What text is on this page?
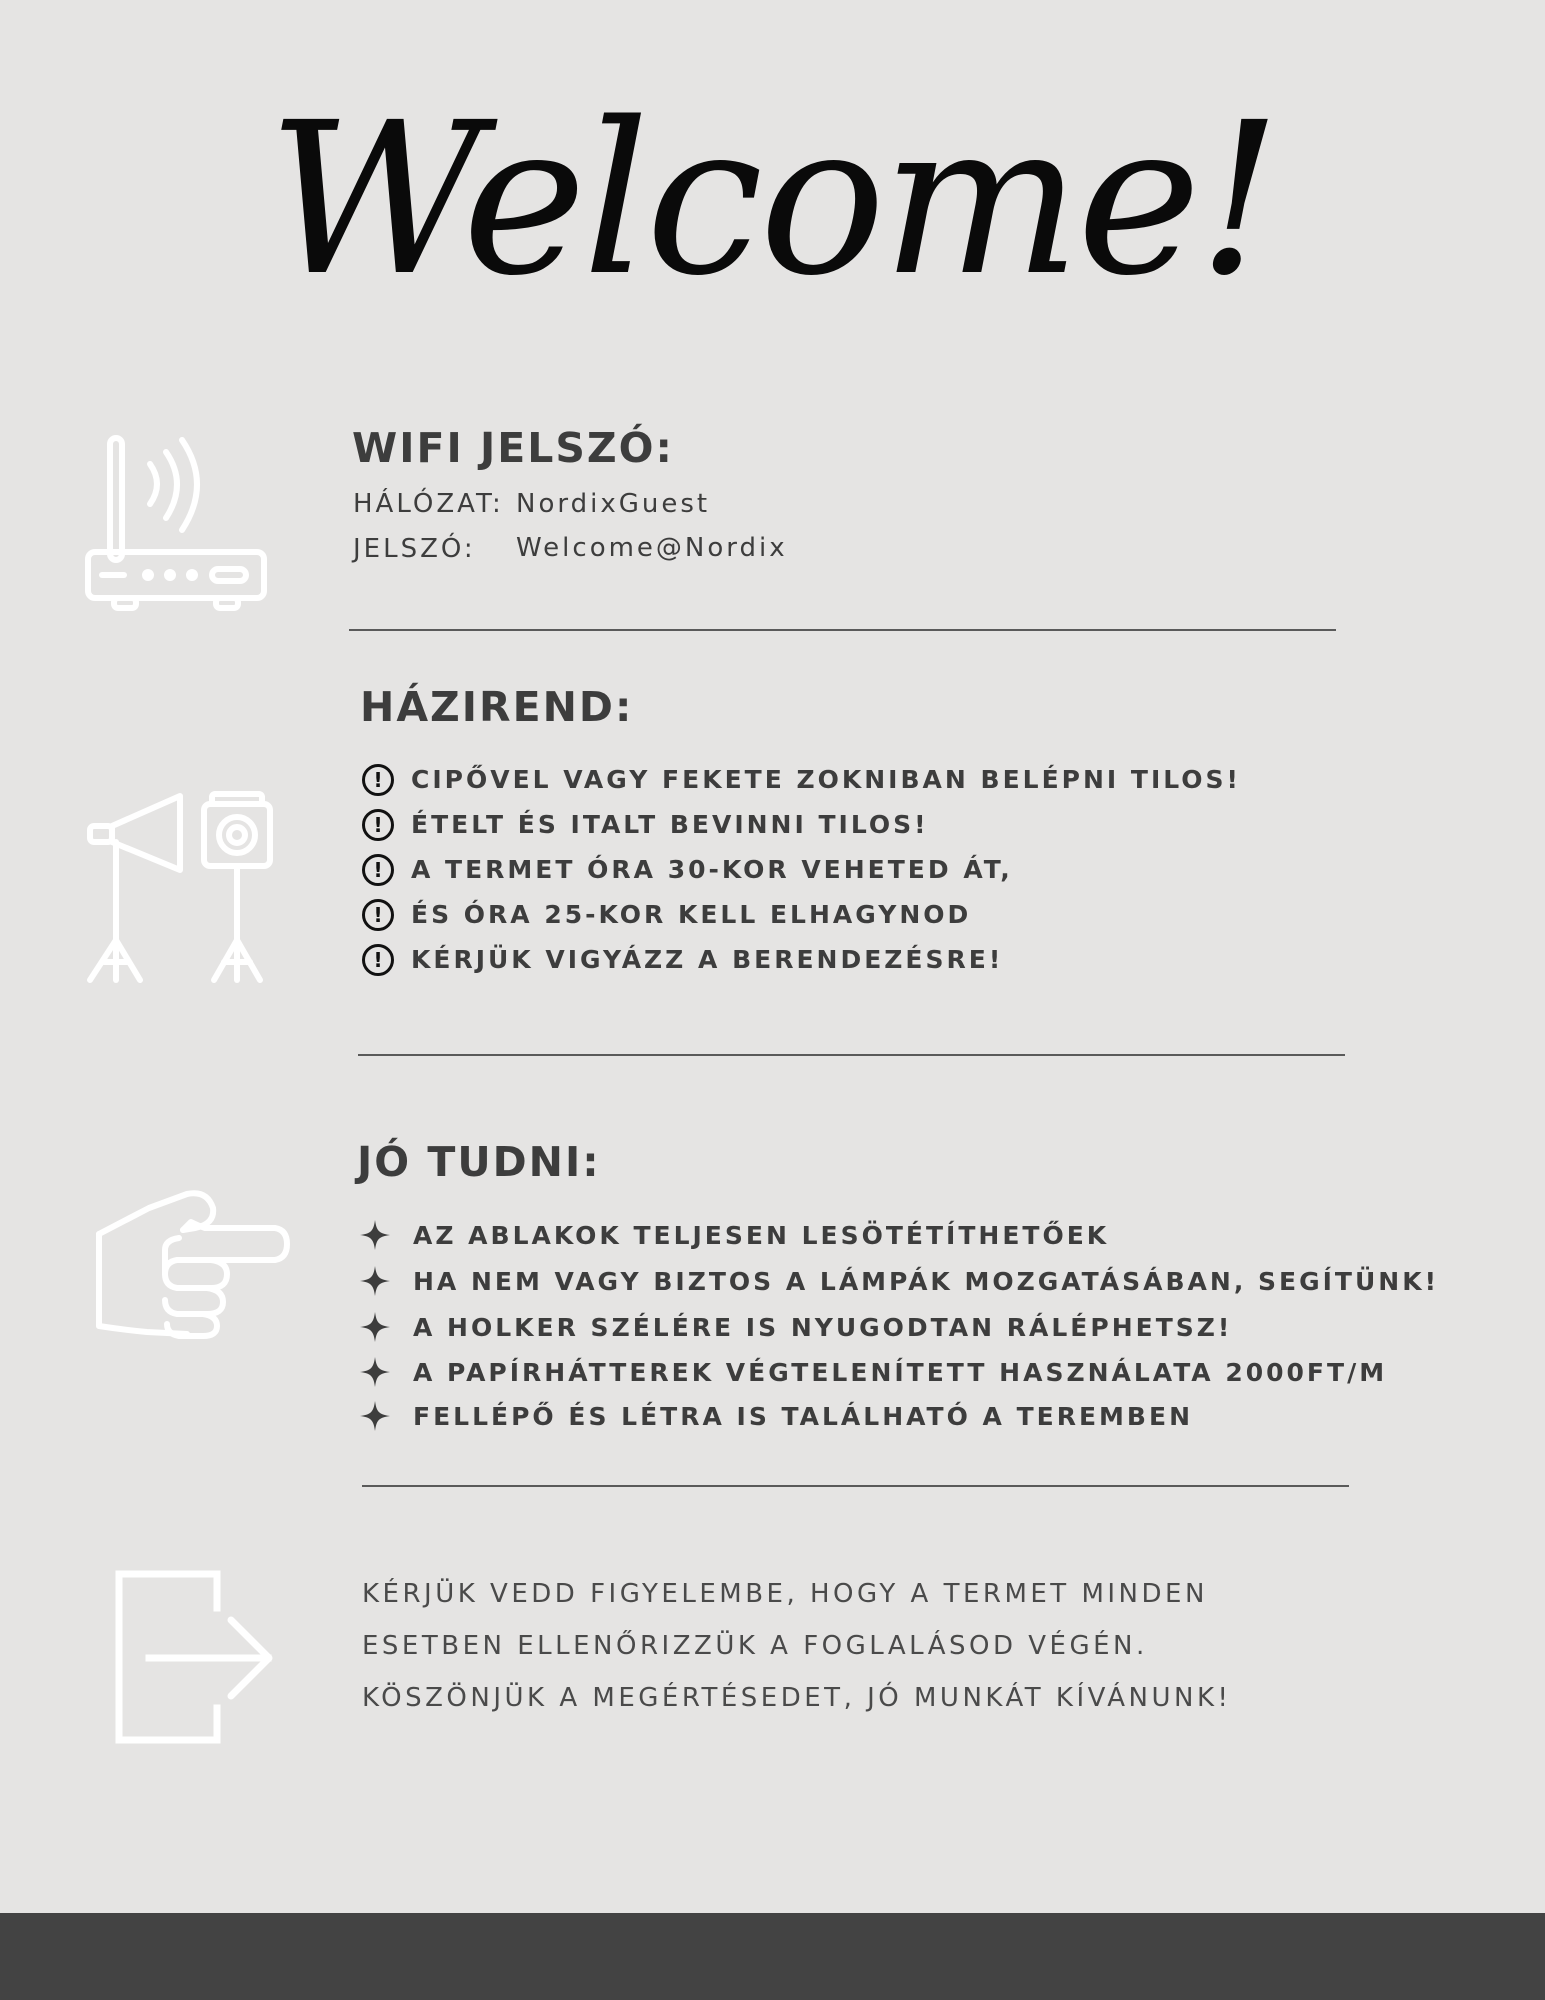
Welcome!
WIFI JELSZÓ:
HÁLÓZAT: NordixGuest
JELSZÓ: Welcome@Nordix
HÁZIREND:
!	CIPŐVEL VAGY FEKETE ZOKNIBAN BELÉPNI TILOS!
!	ÉTELT ÉS ITALT BEVINNI TILOS!
!	A TERMET ÓRA 30-KOR VEHETED ÁT,
!	ÉS ÓRA 25-KOR KELL ELHAGYNOD
!	KÉRJÜK VIGYÁZZ A BERENDEZÉSRE!
JÓ TUDNI:
AZ ABLAKOK TELJESEN LESÖTÉTÍTHETŐEK
HA NEM VAGY BIZTOS A LÁMPÁK MOZGATÁSÁBAN, SEGÍTÜNK!
A HOLKER SZÉLÉRE IS NYUGODTAN RÁLÉPHETSZ!
A PAPÍRHÁTTEREK VÉGTELENÍTETT HASZNÁLATA 2000FT/M
FELLÉPŐ ÉS LÉTRA IS TALÁLHATÓ A TEREMBEN
KÉRJÜK VEDD FIGYELEMBE, HOGY A TERMET MINDEN
ESETBEN ELLENŐRIZZÜK A FOGLALÁSOD VÉGÉN.
KÖSZÖNJÜK A MEGÉRTÉSEDET, JÓ MUNKÁT KÍVÁNUNK!
